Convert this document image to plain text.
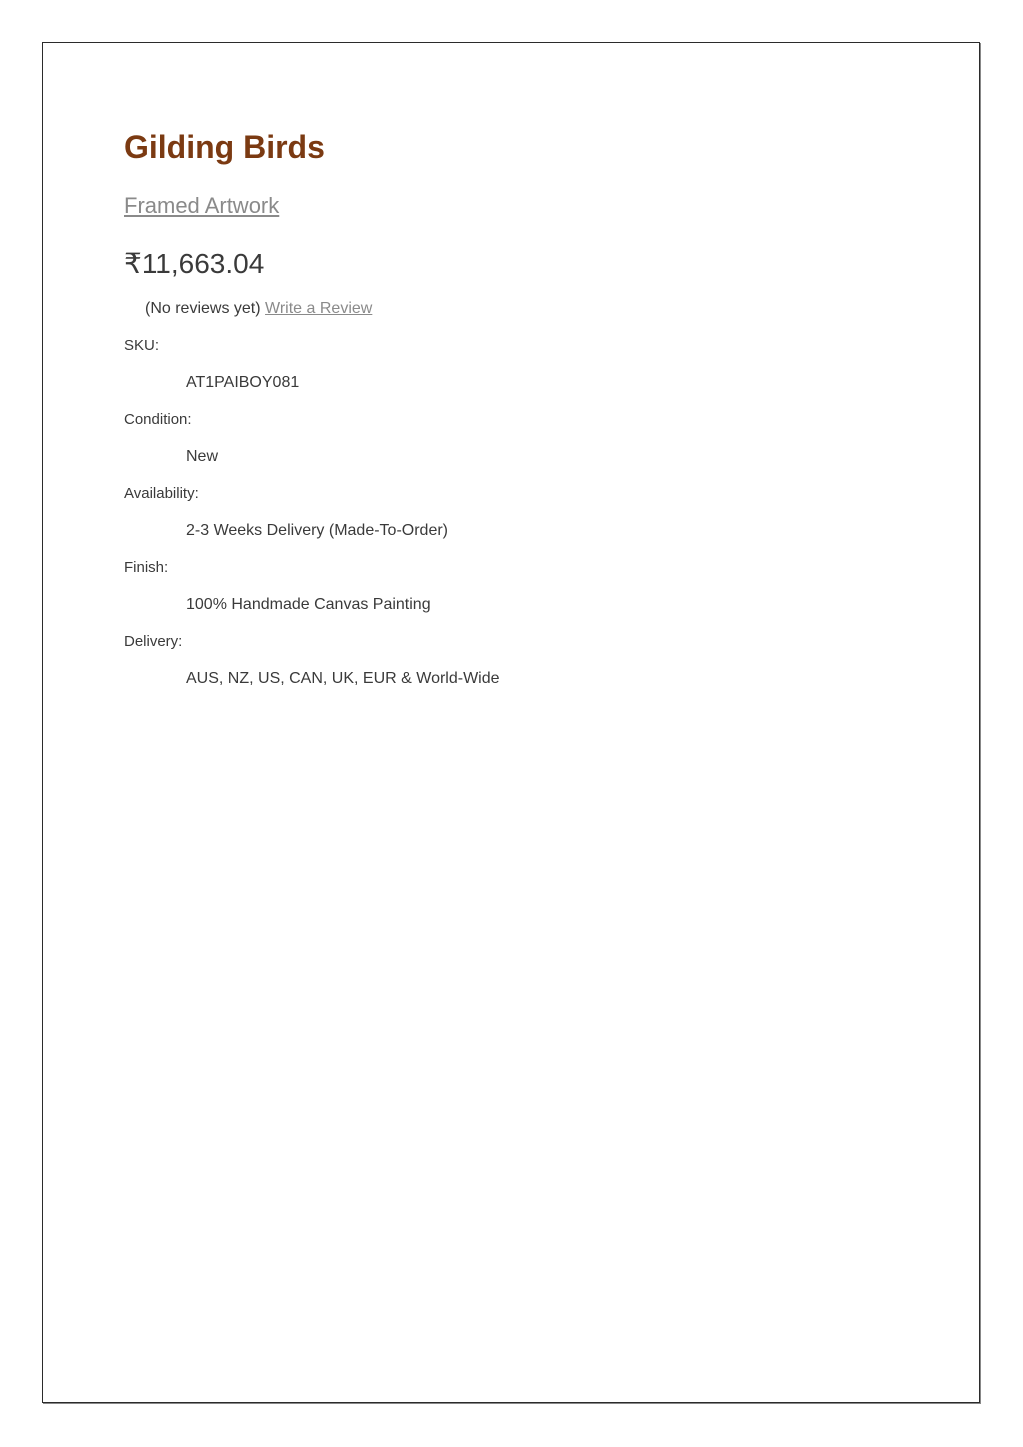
Gilding Birds
Framed Artwork
₹11,663.04
(No reviews yet) Write a Review
SKU:
AT1PAIBOY081
Condition:
New
Availability:
2-3 Weeks Delivery (Made-To-Order)
Finish:
100% Handmade Canvas Painting
Delivery:
AUS, NZ, US, CAN, UK, EUR & World-Wide
